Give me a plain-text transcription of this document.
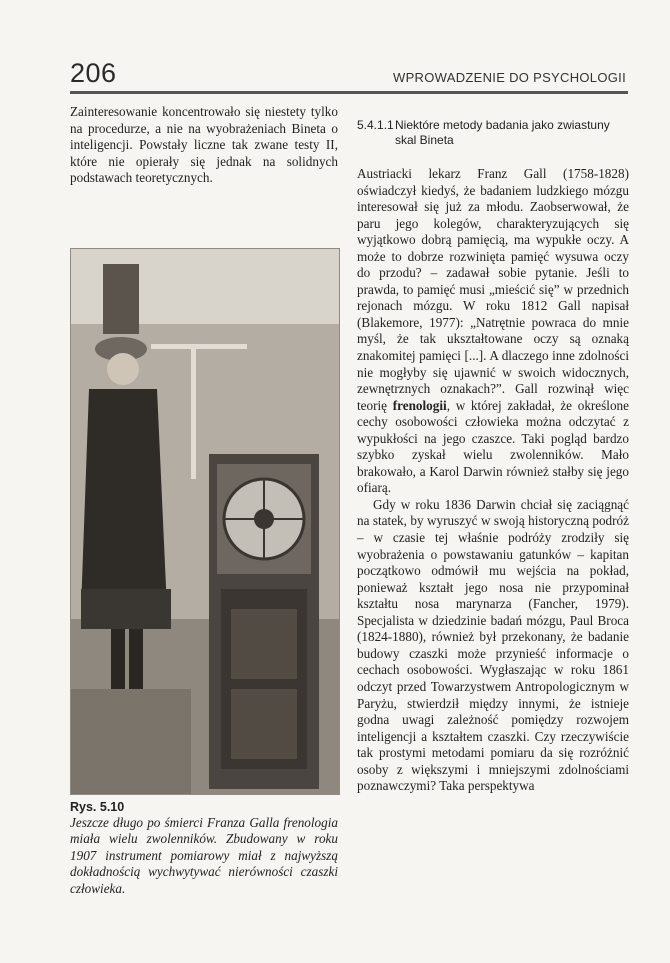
206	WPROWADZENIE DO PSYCHOLOGII

Zainteresowanie koncentrowało się niestety tylko na procedurze, a nie na wyobrażeniach Bineta o inteligencji. Powstały liczne tak zwane testy II, które nie opierały się jednak na solidnych podstawach teoretycznych.

Rys. 5.10

Jeszcze długo po śmierci Franza Galla frenologia miała wielu zwolenników. Zbudowany w roku 1907 instrument pomiarowy miał z najwyższą dokładnością wychwytywać nierówności czaszki człowieka.

5.4.1.1 Niektóre metody badania jako zwiastuny skal Bineta

Austriacki lekarz Franz Gall (1758-1828) oświadczył kiedyś, że badaniem ludzkiego mózgu interesował się już za młodu. Zaobserwował, że paru jego kolegów, charakteryzujących się wyjątkowo dobrą pamięcią, ma wypukłe oczy. A może to dobrze rozwinięta pamięć wysuwa oczy do przodu? – zadawał sobie pytanie. Jeśli to prawda, to pamięć musi „mieścić się” w przednich rejonach mózgu. W roku 1812 Gall napisał (Blakemore, 1977): „Natrętnie powraca do mnie myśl, że tak ukształtowane oczy są oznaką znakomitej pamięci [...]. A dlaczego inne zdolności nie mogłyby się ujawnić w swoich widocznych, zewnętrznych oznakach?”. Gall rozwinął więc teorię frenologii, w której zakładał, że określone cechy osobowości człowieka można odczytać z wypukłości na jego czaszce. Taki pogląd bardzo szybko zyskał wielu zwolenników. Mało brakowało, a Karol Darwin również stałby się jego ofiarą.

Gdy w roku 1836 Darwin chciał się zaciągnąć na statek, by wyruszyć w swoją historyczną podróż – w czasie tej właśnie podróży zrodziły się wyobrażenia o powstawaniu gatunków – kapitan początkowo odmówił mu wejścia na pokład, ponieważ kształt jego nosa nie przypominał kształtu nosa marynarza (Fancher, 1979). Specjalista w dziedzinie badań mózgu, Paul Broca (1824-1880), również był przekonany, że badanie budowy czaszki może przynieść informacje o cechach osobowości. Wygłaszając w roku 1861 odczyt przed Towarzystwem Antropologicznym w Paryżu, stwierdził między innymi, że istnieje godna uwagi zależność pomiędzy rozwojem inteligencji a kształtem czaszki. Czy rzeczywiście tak prostymi metodami pomiaru da się rozróżnić osoby z większymi i mniejszymi zdolnościami poznawczymi? Taka perspektywa
